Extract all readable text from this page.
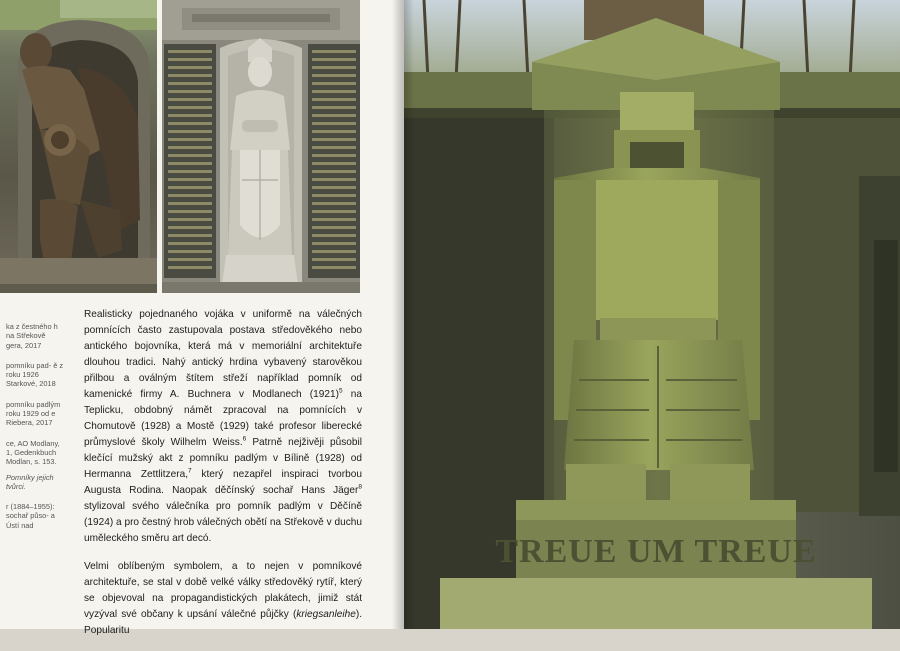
ka z čestného h na Střekově gera, 2017

pomníku pad- ě z roku 1926 Starkové, 2018

pomníku padlým roku 1929 od e Riebera, 2017

ce, AO Modlany, 1, Gedenkbuch Modlan, s. 153.

Pomníky jejich tvůrci.

r (1884–1955): sochař půso- a Ústí nad

Realisticky pojednaného vojáka v uniformě na válečných pomnících často zastupovala postava středověkého nebo antického bojovníka, která má v memoriální architektuře dlouhou tradici. Nahý antický hrdina vybavený starověkou přilbou a oválným štítem střeží například pomník od kamenické firmy A. Buchnera v Modlanech $(1921)^5$ na Teplicku, obdobný námět zpracoval na pomnících v Chomutově (1928) a Mostě (1929) také profesor liberecké průmyslové školy Wilhelm Weiss.$^6$ Patrně nejživěji působil klečící mužský akt z pomníku padlým v Bílině (1928) od Hermanna Zettlitzera,$^7$ který nezapřel inspiraci tvorbou Augusta Rodina. Naopak děčínský sochař Hans Jäger$^8$ stylizoval svého válečníka pro pomník padlým v Děčíně (1924) a pro čestný hrob válečných obětí na Střekově v duchu uměleckého směru art decó.

Velmi oblíbeným symbolem, a to nejen v pomníkové architektuře, se stal v době velké války středověký rytíř, který se objevoval na propagandistických plakátech, jimiž stát vyzýval své občany k upsání válečné půjčky (kriegsanleihe). Popularitu

TREUE UM TREUE
